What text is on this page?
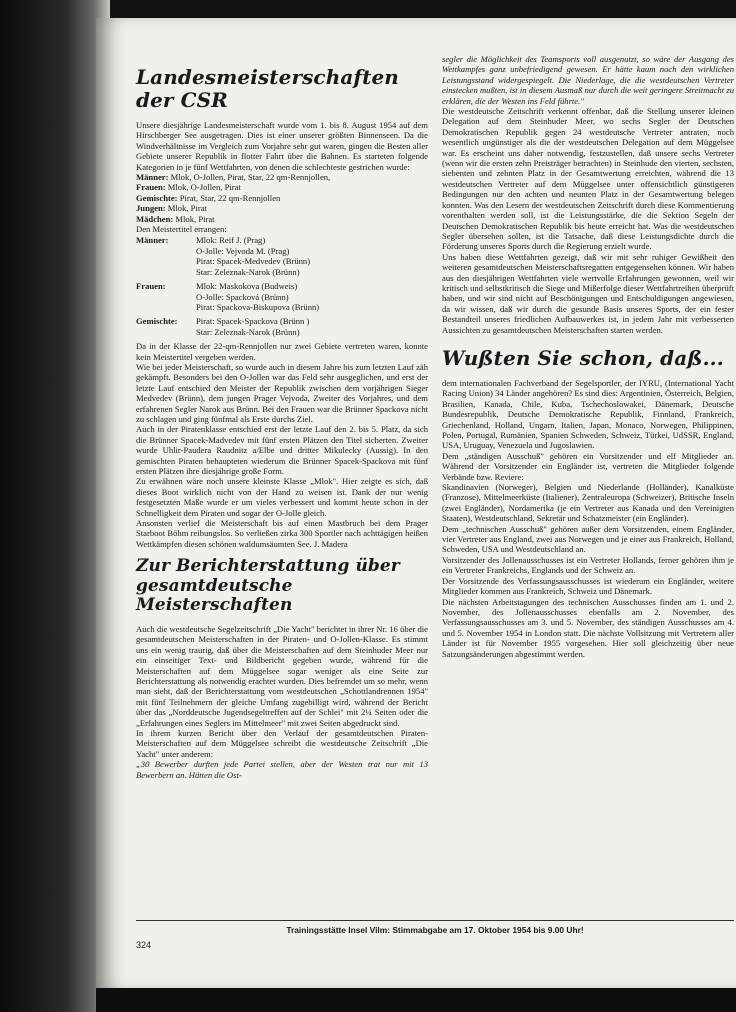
Landesmeisterschaften der CSR

Unsere diesjährige Landesmeisterschaft wurde vom 1. bis 8. August 1954 auf dem Hirschberger See ausgetragen. Dies ist einer unserer größten Binnenseen. Da die Windverhältnisse im Vergleich zum Vorjahre sehr gut waren, gingen die Besten aller Gebiete unserer Republik in flotter Fahrt über die Bahnen. Es starteten folgende Kategorien in je fünf Wettfahrten, von denen die schlechteste gestrichen wurde:

Männer: Mlok, O-Jollen, Pirat, Star, 22 qm-Rennjollen,
Frauen: Mlok, O-Jollen, Pirat
Gemischte: Pirat, Star, 22 qm-Rennjollen
Jungen: Mlok, Pirat
Mädchen: Mlok, Pirat
Den Meistertitel errangen:
Männer:	Mlok: Reif J. (Prag)
O-Jolle: Vejvoda M. (Prag)
Pirat: Spacek-Medvedev (Brünn)
Star: Zeleznak-Narok (Brünn)
Frauen:	Mlok: Maskokova (Budweis)
O-Jolle: Spacková (Brünn)
Pirat: Spackova-Biskupova (Brünn)
Gemischte:	Pirat: Spacek-Spackova (Brünn )
Star: Zeleznak-Narok (Brünn)

Da in der Klasse der 22-qm-Rennjollen nur zwei Gebiete vertreten waren, konnte kein Meistertitel vergeben werden.

Wie bei jeder Meisterschaft, so wurde auch in diesem Jahre bis zum letzten Lauf zäh gekämpft. Besonders bei den O-Jollen war das Feld sehr ausgeglichen, und erst der letzte Lauf entschied den Meister der Republik zwischen dem vorjährigen Sieger Medvedev (Brünn), dem jungen Prager Vejvoda, Zweiter des Vorjahres, und dem erfahrenen Segler Narok aus Brünn. Bei den Frauen war die Brünner Spackova nicht zu schlagen und ging fünfmal als Erste durchs Ziel.

Auch in der Piratenklasse entschied erst der letzte Lauf den 2. bis 5. Platz, da sich die Brünner Spacek-Madvedev mit fünf ersten Plätzen den Titel sicherten. Zweiter wurde Uhlir-Paudera Raudnitz a/Elbe und dritter Mikulecky (Aussig). In den gemischten Piraten behaupteten wiederum die Brünner Spacek-Spackova mit fünf ersten Plätzen ihre diesjährige große Form.

Zu erwähnen wäre noch unsere kleinste Klasse „Mlok". Hier zeigte es sich, daß dieses Boot wirklich nicht von der Hand zu weisen ist. Dank der nur wenig festgesetzten Maße wurde er um vieles verbessert und kommt heute schon in der Schnelligkeit dem Piraten und sogar der O-Jolle gleich.

Ansonsten verlief die Meisterschaft bis auf einen Mastbruch bei dem Prager Starboot Böhm reibungslos. So verließen zirka 300 Sportler nach achttägigen heißen Wettkämpfen diesen schönen waldumsäumten See. J. Madera

Zur Berichterstattung über gesamtdeutsche Meisterschaften

Auch die westdeutsche Segelzeitschrift „Die Yacht" berichtet in ihrer Nr. 16 über die gesamtdeutschen Meisterschaften in der Piraten- und O-Jollen-Klasse. Es stimmt uns ein wenig traurig, daß über die Meisterschaften auf dem Steinhuder Meer nur ein einseitiger Text- und Bildbericht gegeben wurde, während für die Meisterschaften auf dem Müggelsee sogar weniger als eine Seite zur Berichterstattung als notwendig erachtet wurden. Dies befremdet um so mehr, wenn man sieht, daß der Berichterstattung vom westdeutschen „Schottlandrennen 1954" mit fünf Teilnehmern der gleiche Umfang zugebilligt wird, während der Bericht über das „Norddeutsche Jugendsegeltreffen auf der Schlei" mit 2¼ Seiten oder die „Erfahrungen eines Seglers im Mittelmeer" mit zwei Seiten abgedruckt sind.

In ihrem kurzen Bericht über den Verlauf der gesamtdeutschen Piraten-Meisterschaften auf dem Müggelsee schreibt die westdeutsche Zeitschrift „Die Yacht" unter anderem:

„30 Bewerber durften jede Partei stellen, aber der Westen trat nur mit 13 Bewerbern an. Hätten die Ost-

segler die Möglichkeit des Teamsports voll ausgenutzt, so wäre der Ausgang des Wettkampfes ganz unbefriedigend gewesen. Er hätte kaum noch den wirklichen Leistungsstand widergespiegelt. Die Niederlage, die die westdeutschen Vertreter einstecken mußten, ist in diesem Ausmaß nur durch die weit geringere Streitmacht zu erklären, die der Westen ins Feld führte."

Die westdeutsche Zeitschrift verkennt offenbar, daß die Stellung unserer kleinen Delegation auf dem Steinhuder Meer, wo sechs Segler der Deutschen Demokratischen Republik gegen 24 westdeutsche Vertreter antraten, noch wesentlich ungünstiger als die der westdeutschen Delegation auf dem Müggelsee war. Es erscheint uns daher notwendig, festzustellen, daß unsere sechs Vertreter (wenn wir die ersten zehn Preisträger betrachten) in Steinhude den vierten, sechsten, siebenten und zehnten Platz in der Gesamtwertung erreichten, während die 13 westdeutschen Vertreter auf dem Müggelsee unter offensichtlich günstigeren Bedingungen nur den achten und neunten Platz in der Gesamtwertung belegen konnten. Was den Lesern der westdeutschen Zeitschrift durch diese Kommentierung vorenthalten werden soll, ist die Leistungsstärke, die die Sektion Segeln der Deutschen Demokratischen Republik bis heute erreicht hat. Was die westdeutschen Segler übersehen sollen, ist die Tatsache, daß diese Leistungsdichte durch die Förderung unseres Sports durch die Regierung erzielt wurde.

Uns haben diese Wettfahrten gezeigt, daß wir mit sehr ruhiger Gewißheit den weiteren gesamtdeutschen Meisterschaftsregatten entgegensehen können. Wir haben aus den diesjährigen Wettfahrten viele wertvolle Erfahrungen gewonnen, weil wir kritisch und selbstkritisch die Siege und Mißerfolge dieser Wettfahrtreihen überprüft haben, und wir sind nicht auf Beschönigungen und Entschuldigungen angewiesen, da wir wissen, daß wir durch die gesunde Basis unseres Sports, der ein fester Bestandteil unseres friedlichen Aufbauwerkes ist, in jedem Jahr mit verbesserten Aussichten zu gesamtdeutschen Meisterschaften starten werden.

Wußten Sie schon, daß...

dem internationalen Fachverband der Segelsportler, der IYRU, (International Yacht Racing Union) 34 Länder angehören? Es sind dies: Argentinien, Österreich, Belgien, Brasilien, Kanada, Chile, Kuba, Tschechoslowakei, Dänemark, Deutsche Bundesrepublik, Deutsche Demokratische Republik, Finnland, Frankreich, Griechenland, Holland, Ungarn, Italien, Japan, Monaco, Norwegen, Philippinen, Polen, Portugal, Rumänien, Spanien Schweden, Schweiz, Türkei, UdSSR, England, USA, Uruguay, Venezuela und Jugoslawien.

Dem „ständigen Ausschuß" gehören ein Vorsitzender und elf Mitglieder an. Während der Vorsitzender ein Engländer ist, vertreten die Mitglieder folgende Verbände bzw. Reviere:

Skandinavien (Norweger), Belgien und Niederlande (Holländer), Kanalküste (Franzose), Mittelmeerküste (Italiener), Zentraleuropa (Schweizer), Britische Inseln (zwei Engländer), Nordamerika (je ein Vertreter aus Kanada und den Vereinigten Staaten), Westdeutschland, Sekretär und Schatzmeister (ein Engländer).

Dem „technischen Ausschuß" gehören außer dem Vorsitzenden, einem Engländer, vier Vertreter aus England, zwei aus Norwegen und je einer aus Frankreich, Holland, Schweden, USA und Westdeutschland an.

Vorsitzender des Jollenausschusses ist ein Vertreter Hollands, ferner gehören ihm je ein Vertreter Frankreichs, Englands und der Schweiz an.

Der Vorsitzende des Verfassungsausschusses ist wiederum ein Engländer, weitere Mitglieder kommen aus Frankreich, Schweiz und Dänemark.

Die nächsten Arbeitstagungen des technischen Ausschusses finden am 1. und 2. November, des Jollenausschusses ebenfalls am 2. November, des Verfassungsausschusses am 3. und 5. November, des ständigen Ausschusses am 4. und 5. November 1954 in London statt. Die nächste Vollsitzung mit Vertretern aller Länder ist für November 1955 vorgesehen. Hier soll gleichzeitig über neue Satzungsänderungen abgestimmt werden.

Trainingsstätte Insel Vilm: Stimmabgabe am 17. Oktober 1954 bis 9.00 Uhr!
324
